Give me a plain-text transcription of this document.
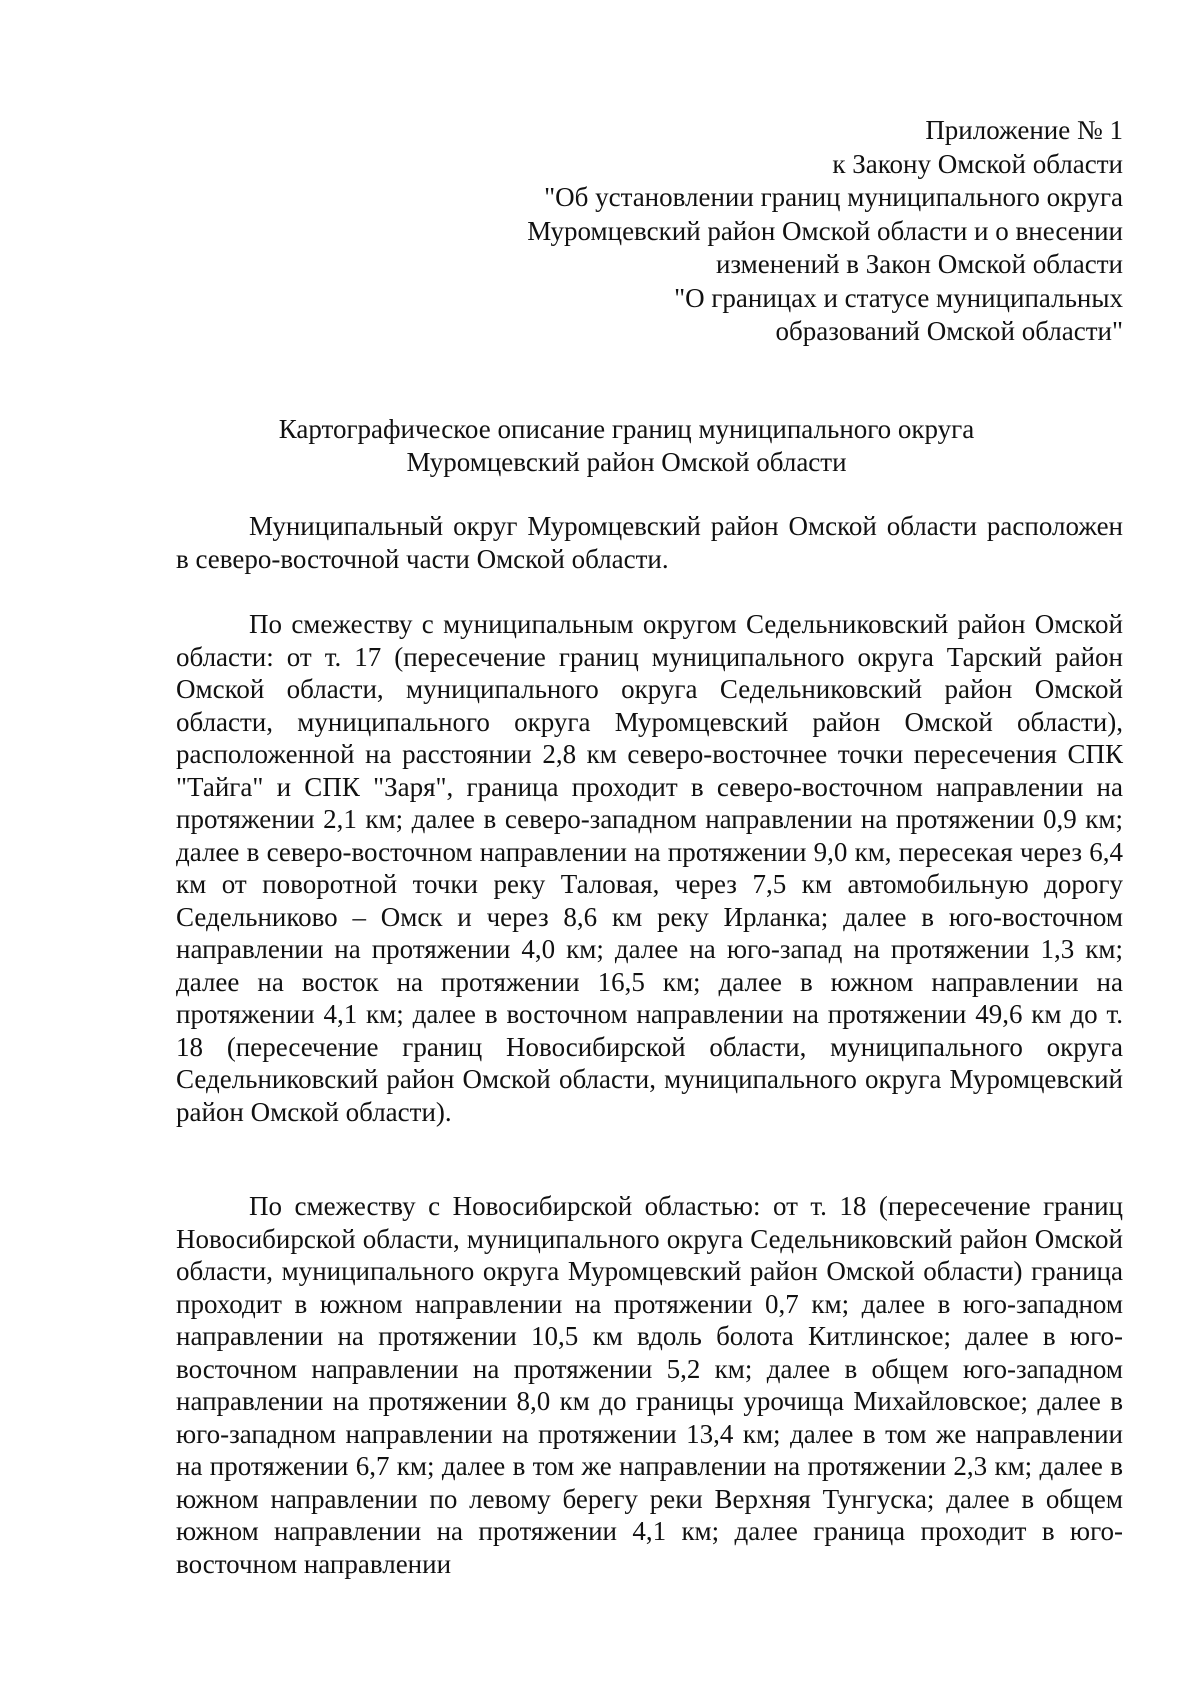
Приложение № 1
к Закону Омской области
"Об установлении границ муниципального округа
Муромцевский район Омской области и о внесении
изменений в Закон Омской области
"О границах и статусе муниципальных
образований Омской области"
Картографическое описание границ муниципального округа
Муромцевский район Омской области

Муниципальный округ Муромцевский район Омской области расположен в северо-восточной части Омской области.

По смежеству с муниципальным округом Седельниковский район Омской области: от т. 17 (пересечение границ муниципального округа Тарский район Омской области, муниципального округа Седельниковский район Омской области, муниципального округа Муромцевский район Омской области), расположенной на расстоянии 2,8 км северо-восточнее точки пересечения СПК "Тайга" и СПК "Заря", граница проходит в северо-восточном направлении на протяжении 2,1 км; далее в северо-западном направлении на протяжении 0,9 км; далее в северо-восточном направлении на протяжении 9,0 км, пересекая через 6,4 км от поворотной точки реку Таловая, через 7,5 км автомобильную дорогу Седельниково – Омск и через 8,6 км реку Ирланка; далее в юго-восточном направлении на протяжении 4,0 км; далее на юго-запад на протяжении 1,3 км; далее на восток на протяжении 16,5 км; далее в южном направлении на протяжении 4,1 км; далее в восточном направлении на протяжении 49,6 км до т. 18 (пересечение границ Новосибирской области, муниципального округа Седельниковский район Омской области, муниципального округа Муромцевский район Омской области).

По смежеству с Новосибирской областью: от т. 18 (пересечение границ Новосибирской области, муниципального округа Седельниковский район Омской области, муниципального округа Муромцевский район Омской области) граница проходит в южном направлении на протяжении 0,7 км; далее в юго-западном направлении на протяжении 10,5 км вдоль болота Китлинское; далее в юго-восточном направлении на протяжении 5,2 км; далее в общем юго-западном направлении на протяжении 8,0 км до границы урочища Михайловское; далее в юго-западном направлении на протяжении 13,4 км; далее в том же направлении на протяжении 6,7 км; далее в том же направлении на протяжении 2,3 км; далее в южном направлении по левому берегу реки Верхняя Тунгуска; далее в общем южном направлении на протяжении 4,1 км; далее граница проходит в юго-восточном направлении
